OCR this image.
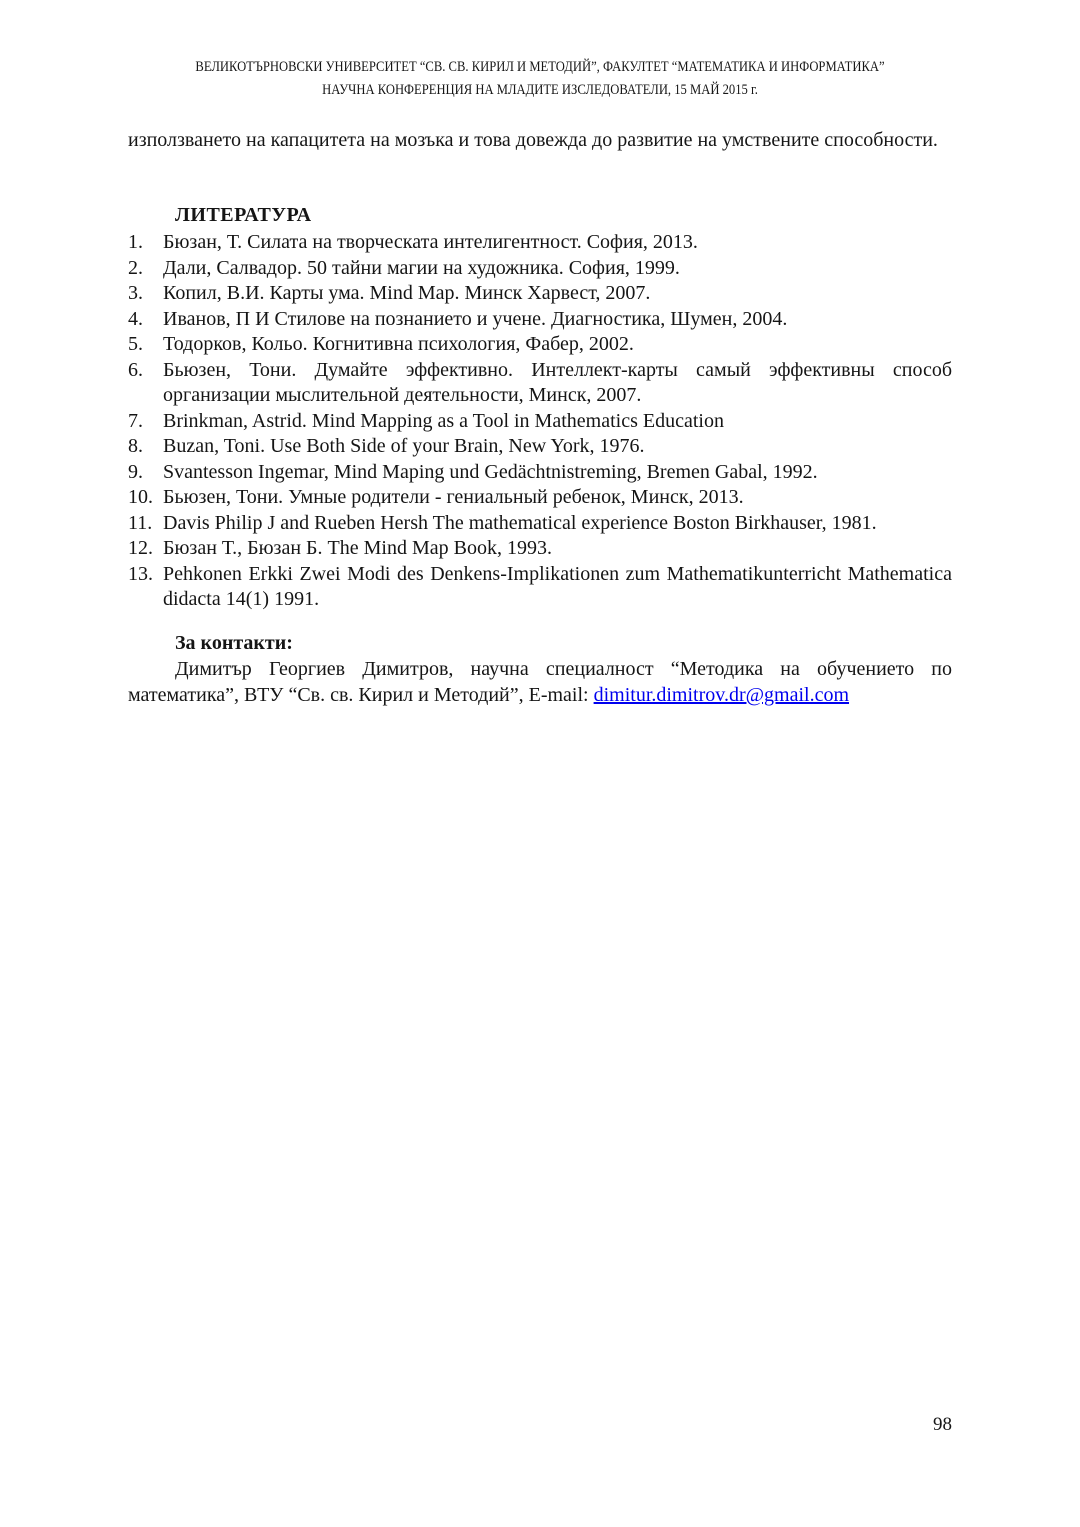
ВЕЛИКОТЪРНОВСКИ УНИВЕРСИТЕТ “СВ. СВ. КИРИЛ И МЕТОДИЙ”, ФАКУЛТЕТ “МАТЕМАТИКА И ИНФОРМАТИКА”
НАУЧНА КОНФЕРЕНЦИЯ НА МЛАДИТЕ ИЗСЛЕДОВАТЕЛИ, 15 МАЙ 2015 г.
използването на капацитета на мозъка и това довежда до развитие на умствените способности.
ЛИТЕРАТУРА
1.	Бюзан, Т. Силата на творческата интелигентност. София, 2013.
2.	Дали, Салвадор. 50 тайни магии на художника. София, 1999.
3.	Копил, В.И. Карты ума. Mind Map. Минск Харвест, 2007.
4.	Иванов, П И Стилове на познанието и учене. Диагностика, Шумен, 2004.
5.	Тодорков, Кольо. Когнитивна психология, Фабер, 2002.
6.	Бьюзен, Тони. Думайте эффективно. Интеллект-карты самый эффективны способ организации мыслительной деятельности, Минск, 2007.
7.	Brinkman, Astrid. Mind Mapping as a Tool in Mathematics Education
8.	Buzan, Toni. Use Both Side of your Brain, New York, 1976.
9.	Svantesson Ingemar, Mind Maping und Gedächtnistreming, Bremen Gabal, 1992.
10. Бьюзен, Тони. Умные родители - гениальный ребенок, Минск, 2013.
11. Davis Philip J and Rueben Hersh The mathematical experience Boston Birkhauser, 1981.
12. Бюзан Т., Бюзан Б. The Mind Map Book, 1993.
13. Pehkonen Erkki Zwei Modi des Denkens-Implikationen zum Mathematikunterricht Mathematica didacta 14(1) 1991.
За контакти:
Димитър Георгиев Димитров, научна специалност “Методика на обучението по математика”, ВТУ “Св. св. Кирил и Методий”, E-mail: dimitur.dimitrov.dr@gmail.com
98
